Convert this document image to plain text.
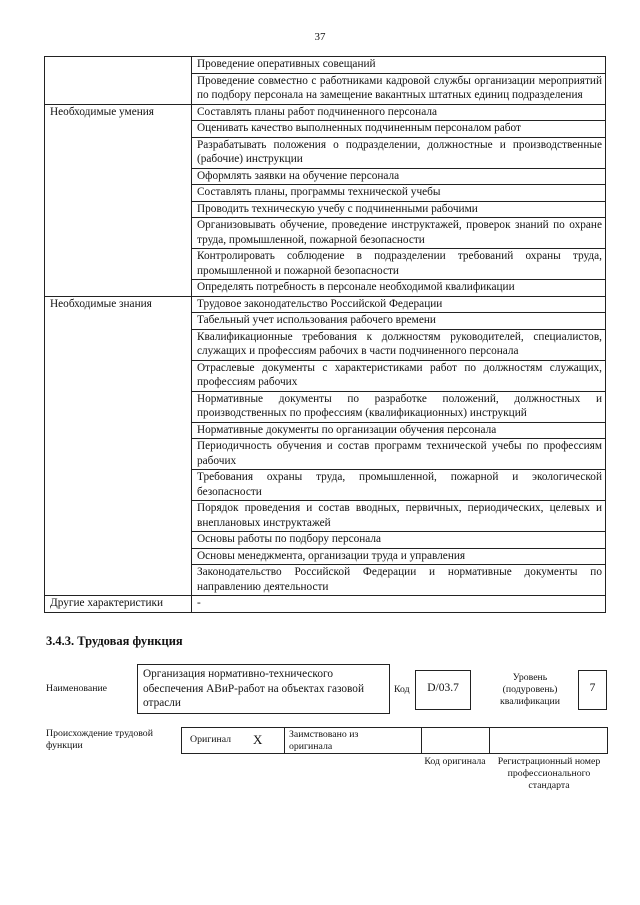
37
	Проведение оперативных совещаний
	Проведение совместно с работниками кадровой службы организации мероприятий по подбору персонала на замещение вакантных штатных единиц подразделения
Необходимые умения	Составлять планы работ подчиненного персонала
	Оценивать качество выполненных подчиненным персоналом работ
	Разрабатывать положения о подразделении, должностные и производственные (рабочие) инструкции
	Оформлять заявки на обучение персонала
	Составлять планы, программы технической учебы
	Проводить техническую учебу с подчиненными рабочими
	Организовывать обучение, проведение инструктажей, проверок знаний по охране труда, промышленной, пожарной безопасности
	Контролировать соблюдение в подразделении требований охраны труда, промышленной и пожарной безопасности
	Определять потребность в персонале необходимой квалификации
Необходимые знания	Трудовое законодательство Российской Федерации
	Табельный учет использования рабочего времени
	Квалификационные требования к должностям руководителей, специалистов, служащих и профессиям рабочих в части подчиненного персонала
	Отраслевые документы с характеристиками работ по должностям служащих, профессиям рабочих
	Нормативные документы по разработке положений, должностных и производственных по профессиям (квалификационных) инструкций
	Нормативные документы по организации обучения персонала
	Периодичность обучения и состав программ технической учебы по профессиям рабочих
	Требования охраны труда, промышленной, пожарной и экологической безопасности
	Порядок проведения и состав вводных, первичных, периодических, целевых и внеплановых инструктажей
	Основы работы по подбору персонала
	Основы менеджмента, организации труда и управления
	Законодательство Российской Федерации и нормативные документы по направлению деятельности
Другие характеристики	-
3.4.3. Трудовая функция
Наименование
Организация нормативно-технического обеспечения АВиР-работ на объектах газовой отрасли
Код	D/03.7
Уровень (подуровень) квалификации
7
Происхождение трудовой функции
Оригинал X	Заимствовано из оригинала
Код оригинала	Регистрационный номер профессионального стандарта
